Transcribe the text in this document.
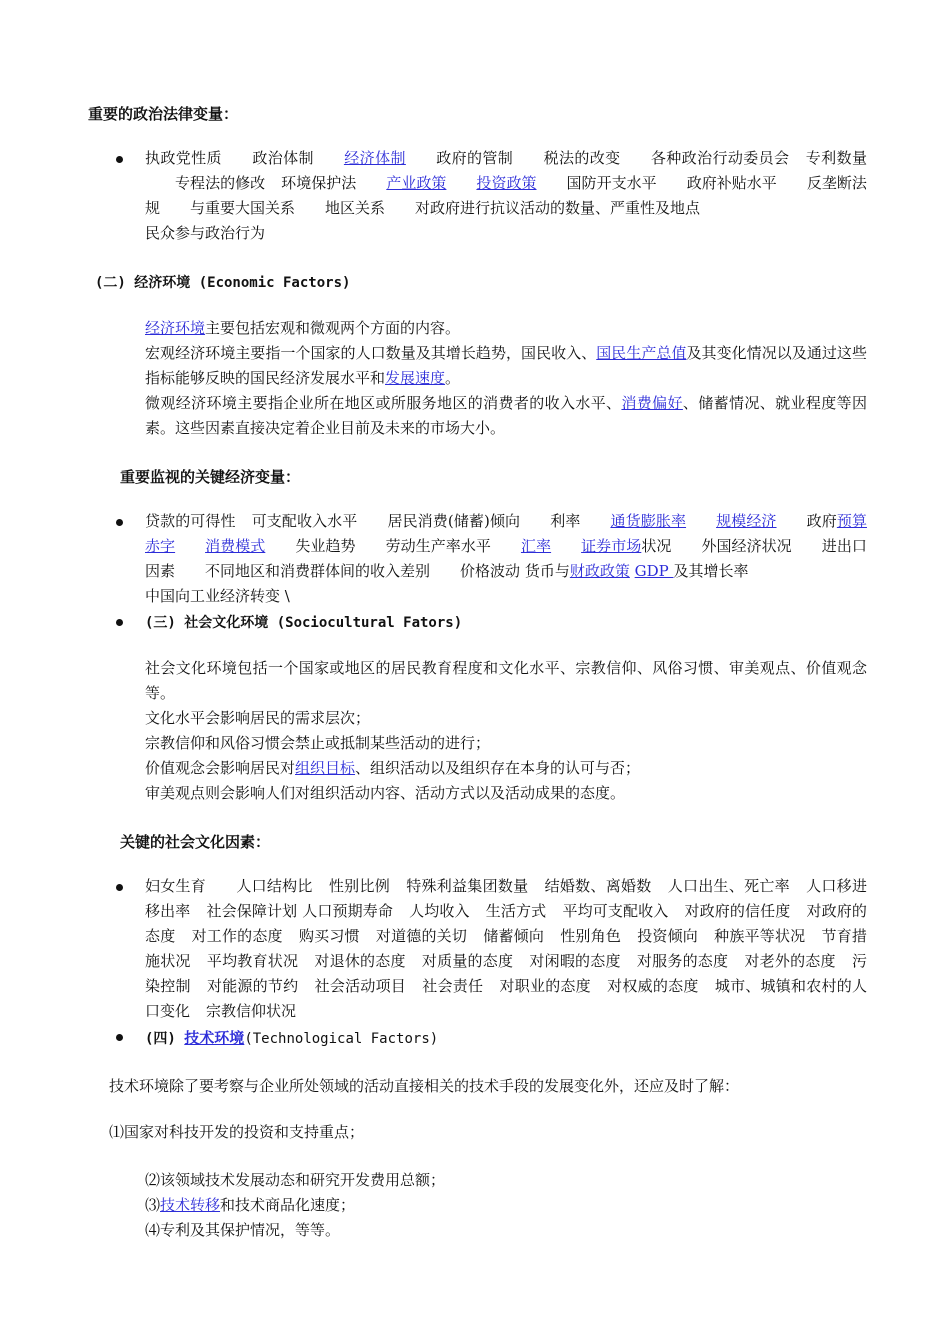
重要的政治法律变量：
执政党性质 政治体制 经济体制 政府的管制 税法的改变 各种政治行动委员会 专利数量专程法的修改 环境保护法 产业政策 投资政策 国防开支水平 政府补贴水平 反垄断法规 与重要大国关系 地区关系 对政府进行抗议活动的数量、严重性及地点
民众参与政治行为
(二) 经济环境 (Economic Factors)
经济环境主要包括宏观和微观两个方面的内容。
宏观经济环境主要指一个国家的人口数量及其增长趋势，国民收入、国民生产总值及其变化情况以及通过这些指标能够反映的国民经济发展水平和发展速度。
微观经济环境主要指企业所在地区或所服务地区的消费者的收入水平、消费偏好、储蓄情况、就业程度等因素。这些因素直接决定着企业目前及未来的市场大小。
重要监视的关键经济变量：
贷款的可得性 可支配收入水平 居民消费(储蓄)倾向 利率 通货膨胀率 规模经济 政府预算赤字 消费模式 失业趋势 劳动生产率水平 汇率 证券市场状况 外国经济状况 进出口因素 不同地区和消费群体间的收入差别 价格波动 货币与财政政策 GDP 及其增长率
中国向工业经济转变 \
(三) 社会文化环境 (Sociocultural Fators)
社会文化环境包括一个国家或地区的居民教育程度和文化水平、宗教信仰、风俗习惯、审美观点、价值观念等。
文化水平会影响居民的需求层次；
宗教信仰和风俗习惯会禁止或抵制某些活动的进行；
价值观念会影响居民对组织目标、组织活动以及组织存在本身的认可与否；
审美观点则会影响人们对组织活动内容、活动方式以及活动成果的态度。
关键的社会文化因素：
妇女生育 人口结构比 性别比例 特殊利益集团数量 结婚数、离婚数 人口出生、死亡率 人口移进移出率 社会保障计划 人口预期寿命 人均收入 生活方式 平均可支配收入 对政府的信任度 对政府的态度 对工作的态度 购买习惯 对道德的关切 储蓄倾向 性别角色 投资倾向 种族平等状况 节育措施状况 平均教育状况 对退休的态度 对质量的态度 对闲暇的态度 对服务的态度 对老外的态度 污染控制 对能源的节约 社会活动项目 社会责任 对职业的态度 对权威的态度 城市、城镇和农村的人口变化 宗教信仰状况
(四) 技术环境(Technological Factors)
技术环境除了要考察与企业所处领域的活动直接相关的技术手段的发展变化外，还应及时了解：
⑴国家对科技开发的投资和支持重点；
⑵该领域技术发展动态和研究开发费用总额；
⑶技术转移和技术商品化速度；
⑷专利及其保护情况，等等。
